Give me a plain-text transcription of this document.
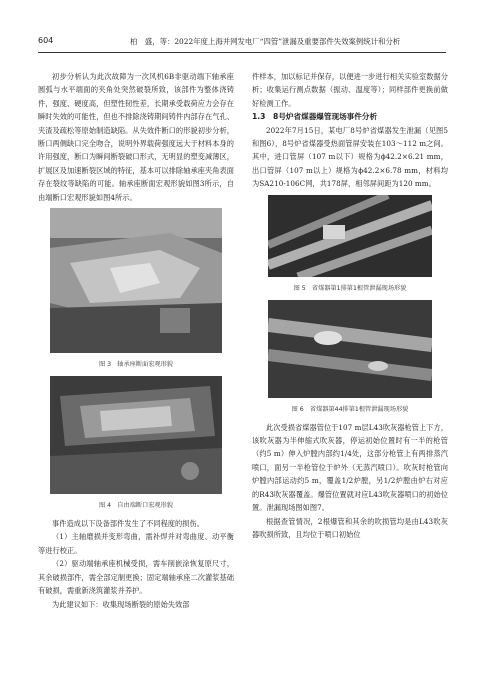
604	柏　盛，等：2022年度上海并网发电厂“四管”泄漏及重要部件失效案例统计和分析

初步分析认为此次故障为一次风机6B非驱动端下轴承座圆弧与水平端面的夹角处突然破裂所致，该部件为整体浇铸件，强度、硬度高，但塑性韧性差，长期承受载荷应力会存在瞬时失效的可能性，但也不排除浇铸期间铸件内部存在气孔、夹渣及疏松等原始制造缺陷。从失效件断口的形貌初步分析，断口两侧缺口完全吻合，说明外界载荷强度远大于材料本身的许用强度，断口为瞬间断裂破口形式，无明显的塑变减薄区，扩展区及加速断裂区域的特征，基本可以排除轴承座夹角表面存在裂纹等缺陷的可能。轴承座断面宏观形貌如图3所示，自由端断口宏观形貌如图4所示。

图 3　轴承座断面宏观形貌
图 4　自由端断口宏观形貌

事件造成以下设备部件发生了不同程度的损伤。

（1）主轴磨损并变形弯曲，需补焊并对弯曲度、动平衡等进行校正。

（2）驱动端轴承座机械受损，需车削嵌涂恢复原尺寸，其余破损部件，需全部定制更换；固定端轴承座二次灌浆基础有破损，需重新浇筑灌浆并养护。

为此建议如下：收集现场断裂的原始失效部

件样本，加以标记并保存，以便进一步进行相关实验室数据分析；收集运行测点数据（振动、温度等）；同样部件更换前做好检测工作。

1.3　8号炉省煤器爆管现场事件分析

2022年7月15日，某电厂8号炉省煤器发生泄漏（见图5和图6），8号炉省煤器受热面管屏安装在103～112 m之间。其中，进口管屏（107 m以下）规格为ϕ42.2×6.21 mm，出口管屏（107 m以上）规格为ϕ42.2×6.78 mm，材料均为SA210-106C网，共178屏，相邻屏间距为120 mm。

图 5　省煤器第1排第1根管泄漏现场形貌
图 6　省煤器第44排第1根管泄漏现场形貌

此次受损省煤器管位于107 m层L43吹灰器枪管上下方，该吹灰器为半伸缩式吹灰器，停运初始位置时有一半的枪管（约5 m）伸入炉膛内部约1/4处，这部分枪管上有两排蒸汽喷口，面另一半枪管位于炉外（无蒸汽喷口）。吹灰时枪管向炉膛内部运动约5 m，覆盖1/2炉膛，另1/2炉膛由炉右对应的R43吹灰器覆盖。爆管位置就对应L43吹灰器喷口的初始位置。泄漏现场图如图7。

根据查管情况，2根爆管和其余的吹损管均是由L43吹灰器吹损所致，且均位于喷口初始位
